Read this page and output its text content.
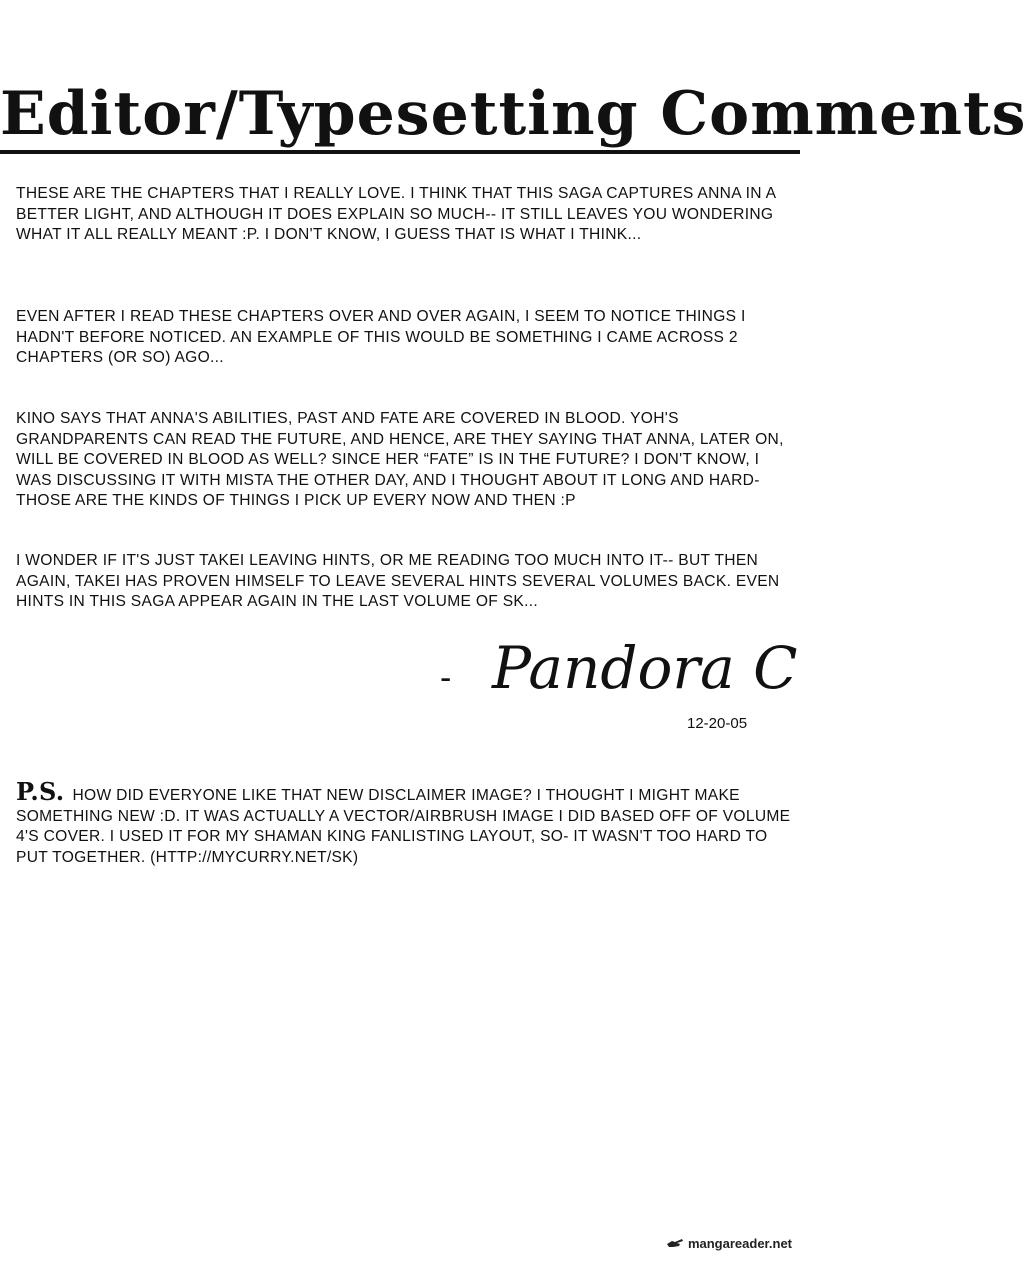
Editor/Typesetting Comments

THESE ARE THE CHAPTERS THAT I REALLY LOVE. I THINK THAT THIS SAGA CAPTURES ANNA IN A BETTER LIGHT, AND ALTHOUGH IT DOES EXPLAIN SO MUCH-- IT STILL LEAVES YOU WONDERING WHAT IT ALL REALLY MEANT :P. I DON'T KNOW, I GUESS THAT IS WHAT I THINK...

EVEN AFTER I READ THESE CHAPTERS OVER AND OVER AGAIN, I SEEM TO NOTICE THINGS I HADN'T BEFORE NOTICED. AN EXAMPLE OF THIS WOULD BE SOMETHING I CAME ACROSS 2 CHAPTERS (OR SO) AGO...

KINO SAYS THAT ANNA'S ABILITIES, PAST AND FATE ARE COVERED IN BLOOD. YOH'S GRANDPARENTS CAN READ THE FUTURE, AND HENCE, ARE THEY SAYING THAT ANNA, LATER ON, WILL BE COVERED IN BLOOD AS WELL? SINCE HER “FATE” IS IN THE FUTURE? I DON'T KNOW, I WAS DISCUSSING IT WITH MISTA THE OTHER DAY, AND I THOUGHT ABOUT IT LONG AND HARD- THOSE ARE THE KINDS OF THINGS I PICK UP EVERY NOW AND THEN :P

I WONDER IF IT'S JUST TAKEI LEAVING HINTS, OR ME READING TOO MUCH INTO IT-- BUT THEN AGAIN, TAKEI HAS PROVEN HIMSELF TO LEAVE SEVERAL HINTS SEVERAL VOLUMES BACK. EVEN HINTS IN THIS SAGA APPEAR AGAIN IN THE LAST VOLUME OF SK...

- Pandora C
12-20-05

P.S. HOW DID EVERYONE LIKE THAT NEW DISCLAIMER IMAGE? I THOUGHT I MIGHT MAKE SOMETHING NEW :D. IT WAS ACTUALLY A VECTOR/AIRBRUSH IMAGE I DID BASED OFF OF VOLUME 4'S COVER. I USED IT FOR MY SHAMAN KING FANLISTING LAYOUT, SO- IT WASN'T TOO HARD TO PUT TOGETHER. (HTTP://MYCURRY.NET/SK)

mangareader.net
